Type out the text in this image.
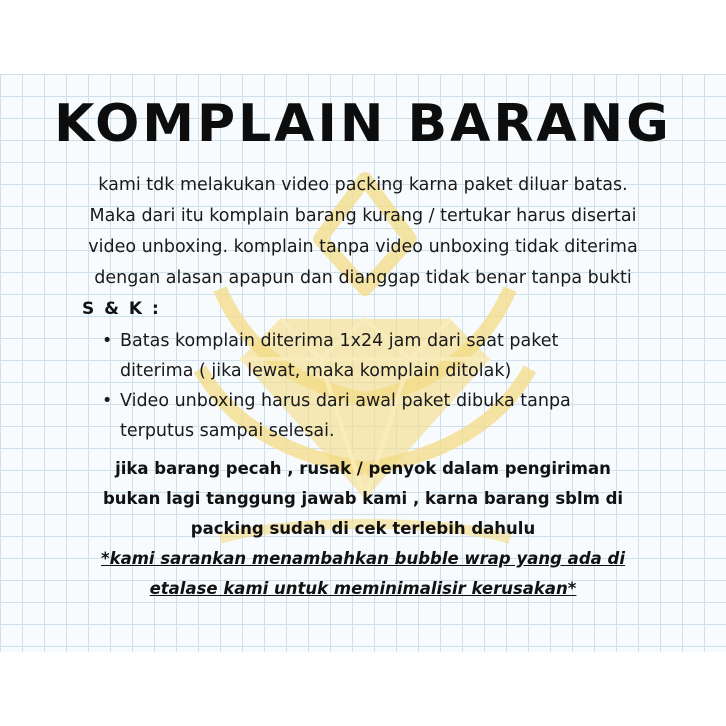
KOMPLAIN BARANG
kami tdk melakukan video packing karna paket diluar batas.
Maka dari itu komplain barang kurang / tertukar harus disertai
video unboxing. komplain tanpa video unboxing tidak diterima
dengan alasan apapun dan dianggap tidak benar tanpa bukti
S & K :
• Batas komplain diterima 1x24 jam dari saat paket
diterima ( jika lewat, maka komplain ditolak)
• Video unboxing harus dari awal paket dibuka tanpa
terputus sampai selesai.
jika barang pecah , rusak / penyok dalam pengiriman
bukan lagi tanggung jawab kami , karna barang sblm di
packing sudah di cek terlebih dahulu
*kami sarankan menambahkan bubble wrap yang ada di
etalase kami untuk meminimalisir kerusakan*
